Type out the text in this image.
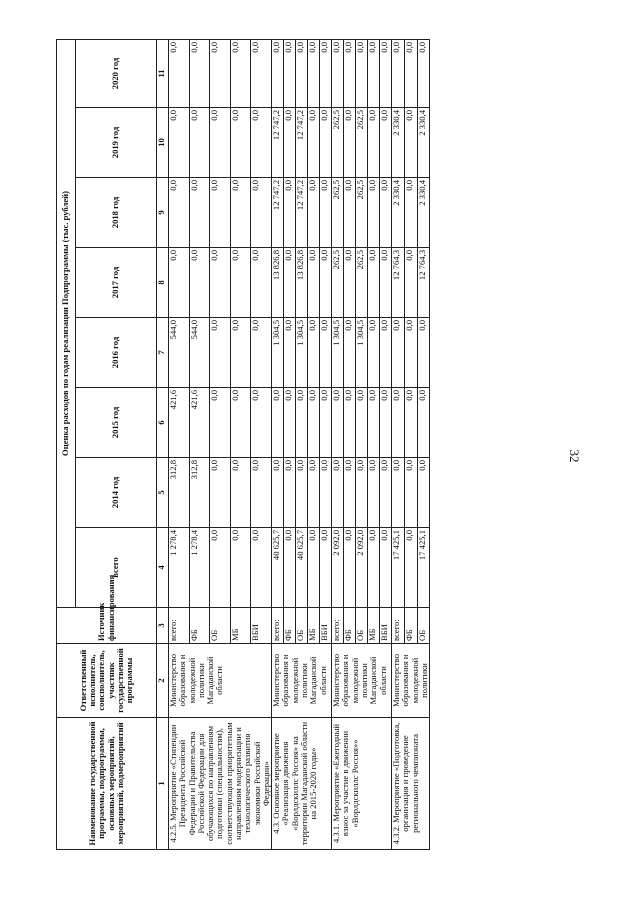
32
Наименование государственной программы, подпрограммы, основных мероприятий, мероприятий, подмероприятий	Ответственный исполнитель, соисполнитель, участник государственной программы	Источник финансирования	Оценка расходов по годам реализации Подпрограммы (тыс. рублей)							
			всего	2014 год	2015 год	2016 год	2017 год	2018 год	2019 год	2020 год
1	2	3	4	5	6	7	8	9	10	11
4.2.5. Мероприятие «Стипендии Президента Российской Федерации и Правительства Российской Федерации для обучающихся по направлениям подготовки (специальностям), соответствующим приоритетным направлениям модернизации и технологического развития экономики Российской Федерации»	Министерство образования и молодежной политики Магаданской области	всего:	1 278,4	312,8	421,6	544,0	0,0	0,0	0,0	0,0
		ФБ	1 278,4	312,8	421,6	544,0	0,0	0,0	0,0	0,0
		ОБ	0,0	0,0	0,0	0,0	0,0	0,0	0,0	0,0
		МБ	0,0	0,0	0,0	0,0	0,0	0,0	0,0	0,0
		ВБИ	0,0	0,0	0,0	0,0	0,0	0,0	0,0	0,0
4.3. Основное мероприятие «Реализация движения «Ворлдскиллс Россия» на территории Магаданской области на 2015-2020 годы»	Министерство образования и молодежной политики Магаданской области	всего:	40 625,7	0,0	0,0	1 304,5	13 826,8	12 747,2	12 747,2	0,0
		ФБ	0,0	0,0	0,0	0,0	0,0	0,0	0,0	0,0
		ОБ	40 625,7	0,0	0,0	1 304,5	13 826,8	12 747,2	12 747,2	0,0
		МБ	0,0	0,0	0,0	0,0	0,0	0,0	0,0	0,0
		ВБИ	0,0	0,0	0,0	0,0	0,0	0,0	0,0	0,0
4.3.1. Мероприятие «Ежегодный взнос за участие в движении «Ворлдскиллс Россия»»	Министерство образования и молодежной политики Магаданской области	всего:	2 092,0	0,0	0,0	1 304,5	262,5	262,5	262,5	0,0
		ФБ	0,0	0,0	0,0	0,0	0,0	0,0	0,0	0,0
		ОБ	2 092,0	0,0	0,0	1 304,5	262,5	262,5	262,5	0,0
		МБ	0,0	0,0	0,0	0,0	0,0	0,0	0,0	0,0
		ВБИ	0,0	0,0	0,0	0,0	0,0	0,0	0,0	0,0
4.3.2. Мероприятие «Подготовка, организация и проведение регионального чемпионата	Министерство образования и молодежной политики	всего:	17 425,1	0,0	0,0	0,0	12 764,3	2 330,4	2 330,4	0,0
		ФБ	0,0	0,0	0,0	0,0	0,0	0,0	0,0	0,0
		ОБ	17 425,1	0,0	0,0	0,0	12 764,3	2 330,4	2 330,4	0,0
